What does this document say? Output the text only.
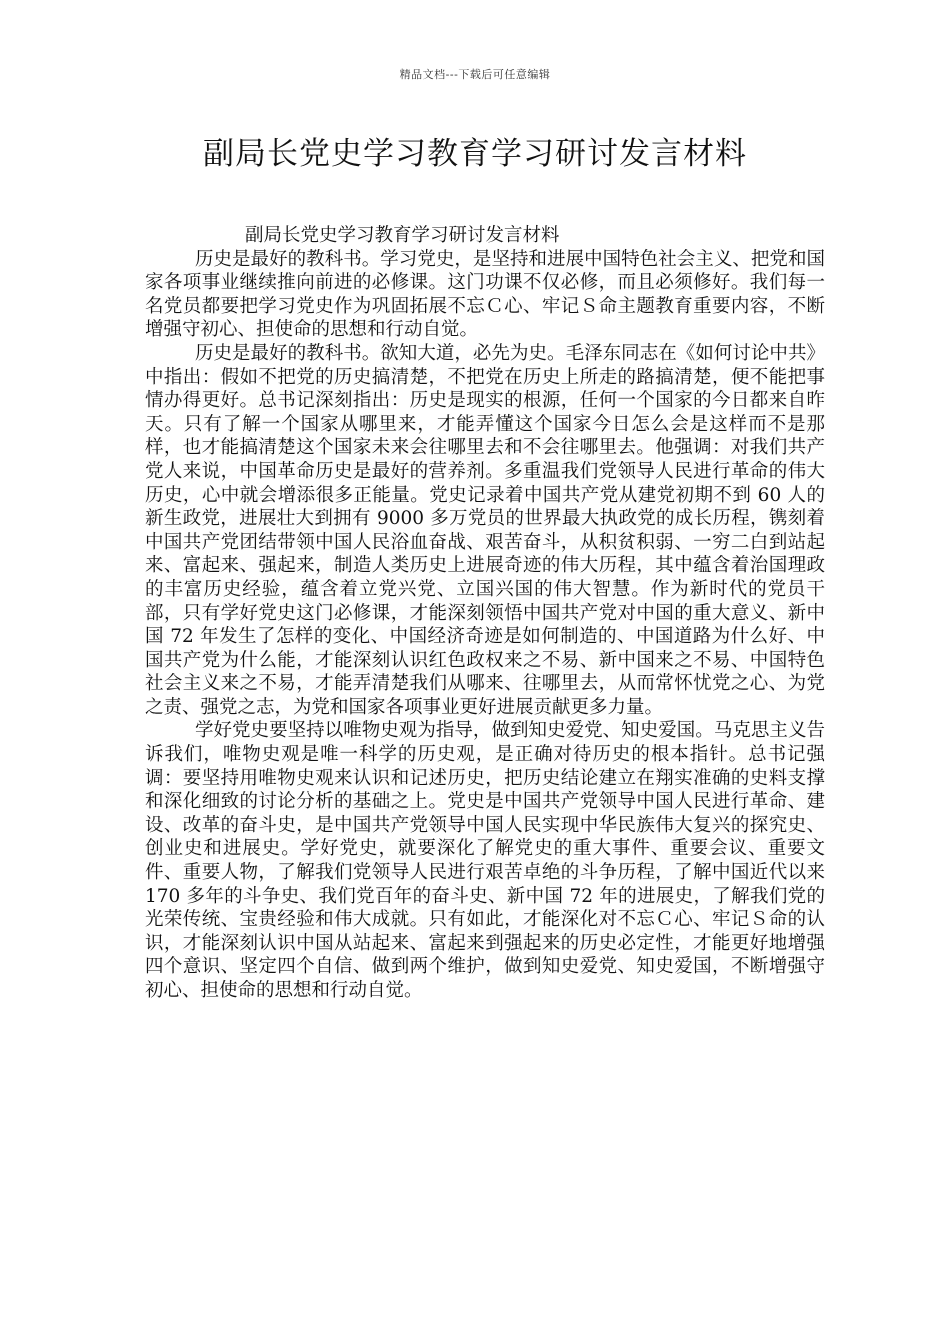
精品文档---下载后可任意编辑
副局长党史学习教育学习研讨发言材料

副局长党史学习教育学习研讨发言材料

历史是最好的教科书。学习党史，是坚持和进展中国特色社会主义、把党和国家各项事业继续推向前进的必修课。这门功课不仅必修，而且必须修好。我们每一名党员都要把学习党史作为巩固拓展不忘Ｃ心、牢记Ｓ命主题教育重要内容，不断增强守初心、担使命的思想和行动自觉。

历史是最好的教科书。欲知大道，必先为史。毛泽东同志在《如何讨论中共》中指出：假如不把党的历史搞清楚，不把党在历史上所走的路搞清楚，便不能把事情办得更好。总书记深刻指出：历史是现实的根源，任何一个国家的今日都来自昨天。只有了解一个国家从哪里来，才能弄懂这个国家今日怎么会是这样而不是那样，也才能搞清楚这个国家未来会往哪里去和不会往哪里去。他强调：对我们共产党人来说，中国革命历史是最好的营养剂。多重温我们党领导人民进行革命的伟大历史，心中就会增添很多正能量。党史记录着中国共产党从建党初期不到 60 人的新生政党，进展壮大到拥有 9000 多万党员的世界最大执政党的成长历程，镌刻着中国共产党团结带领中国人民浴血奋战、艰苦奋斗，从积贫积弱、一穷二白到站起来、富起来、强起来，制造人类历史上进展奇迹的伟大历程，其中蕴含着治国理政的丰富历史经验，蕴含着立党兴党、立国兴国的伟大智慧。作为新时代的党员干部，只有学好党史这门必修课，才能深刻领悟中国共产党对中国的重大意义、新中国 72 年发生了怎样的变化、中国经济奇迹是如何制造的、中国道路为什么好、中国共产党为什么能，才能深刻认识红色政权来之不易、新中国来之不易、中国特色社会主义来之不易，才能弄清楚我们从哪来、往哪里去，从而常怀忧党之心、为党之责、强党之志，为党和国家各项事业更好进展贡献更多力量。

学好党史要坚持以唯物史观为指导，做到知史爱党、知史爱国。马克思主义告诉我们，唯物史观是唯一科学的历史观，是正确对待历史的根本指针。总书记强调：要坚持用唯物史观来认识和记述历史，把历史结论建立在翔实准确的史料支撑和深化细致的讨论分析的基础之上。党史是中国共产党领导中国人民进行革命、建设、改革的奋斗史，是中国共产党领导中国人民实现中华民族伟大复兴的探究史、创业史和进展史。学好党史，就要深化了解党史的重大事件、重要会议、重要文件、重要人物，了解我们党领导人民进行艰苦卓绝的斗争历程，了解中国近代以来 170 多年的斗争史、我们党百年的奋斗史、新中国 72 年的进展史，了解我们党的光荣传统、宝贵经验和伟大成就。只有如此，才能深化对不忘Ｃ心、牢记Ｓ命的认识，才能深刻认识中国从站起来、富起来到强起来的历史必定性，才能更好地增强四个意识、坚定四个自信、做到两个维护，做到知史爱党、知史爱国，不断增强守初心、担使命的思想和行动自觉。
